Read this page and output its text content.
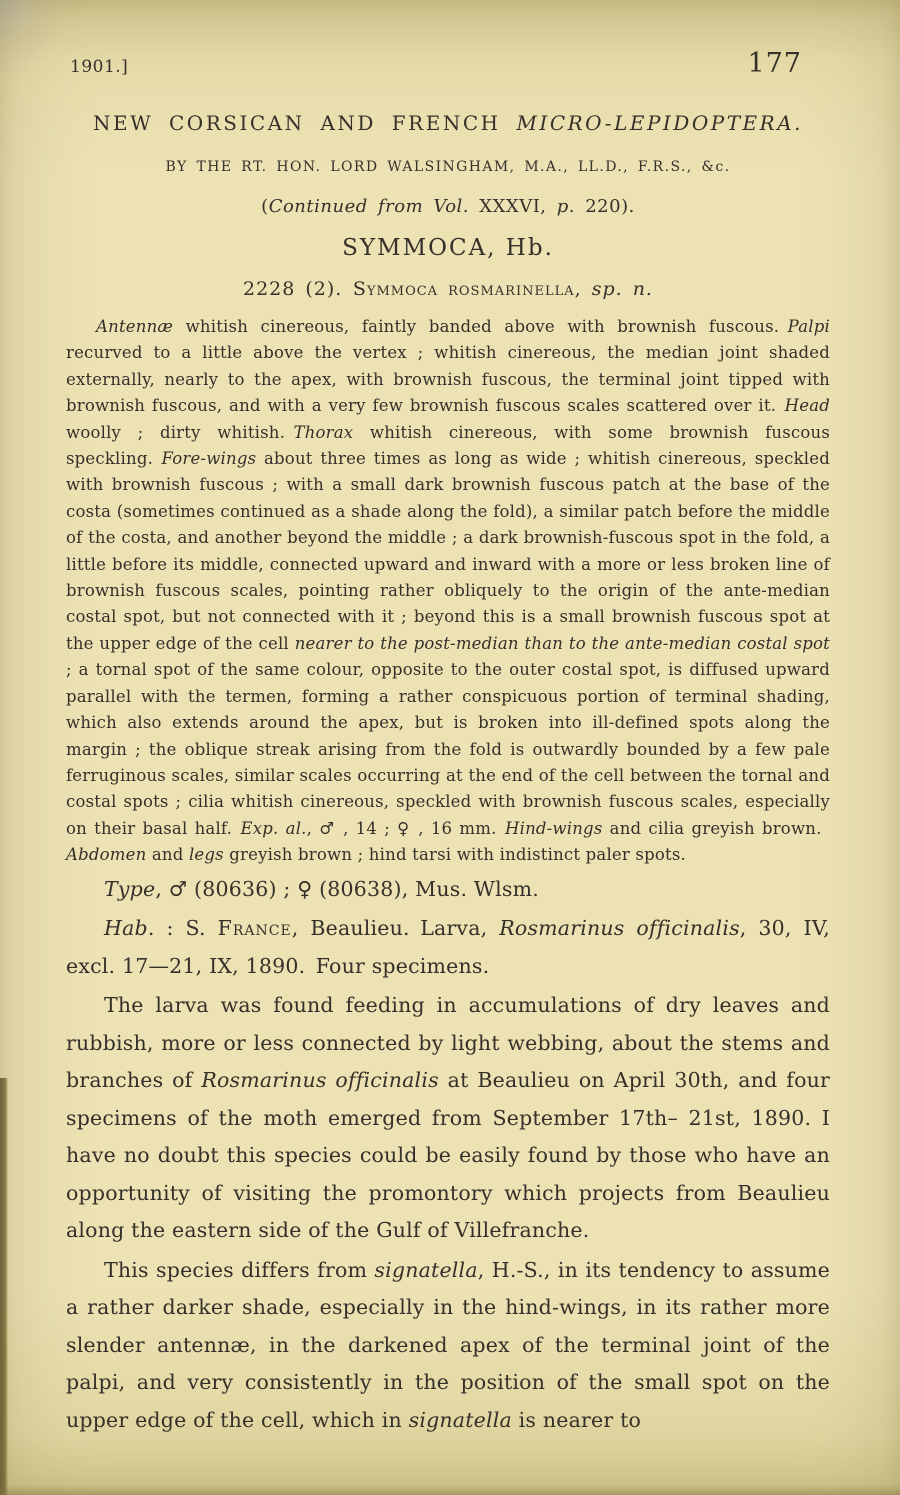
1901.]	177
NEW CORSICAN AND FRENCH MICRO-LEPIDOPTERA.
BY THE RT. HON. LORD WALSINGHAM, M.A., LL.D., F.R.S., &c.
(Continued from Vol. XXXVI, p. 220).
SYMMOCA, Hb.
2228 (2). Symmoca rosmarinella, sp. n.

Antennæ whitish cinereous, faintly banded above with brownish fuscous. Palpi recurved to a little above the vertex ; whitish cinereous, the median joint shaded externally, nearly to the apex, with brownish fuscous, the terminal joint tipped with brownish fuscous, and with a very few brownish fuscous scales scattered over it. Head woolly ; dirty whitish. Thorax whitish cinereous, with some brownish fuscous speckling. Fore-wings about three times as long as wide ; whitish cinereous, speckled with brownish fuscous ; with a small dark brownish fuscous patch at the base of the costa (sometimes continued as a shade along the fold), a similar patch before the middle of the costa, and another beyond the middle ; a dark brownish-fuscous spot in the fold, a little before its middle, connected upward and inward with a more or less broken line of brownish fuscous scales, pointing rather obliquely to the origin of the ante-median costal spot, but not connected with it ; beyond this is a small brownish fuscous spot at the upper edge of the cell nearer to the post-median than to the ante-median costal spot ; a tornal spot of the same colour, opposite to the outer costal spot, is diffused upward parallel with the termen, forming a rather conspicuous portion of terminal shading, which also extends around the apex, but is broken into ill-defined spots along the margin ; the oblique streak arising from the fold is outwardly bounded by a few pale ferruginous scales, similar scales occurring at the end of the cell between the tornal and costal spots ; cilia whitish cinereous, speckled with brownish fuscous scales, especially on their basal half. Exp. al., ♂ , 14 ; ♀ , 16 mm. Hind-wings and cilia greyish brown. Abdomen and legs greyish brown ; hind tarsi with indistinct paler spots.

Type, ♂ (80636) ; ♀ (80638), Mus. Wlsm.

Hab. : S. France, Beaulieu. Larva, Rosmarinus officinalis, 30, IV, excl. 17—21, IX, 1890. Four specimens.

The larva was found feeding in accumulations of dry leaves and rubbish, more or less connected by light webbing, about the stems and branches of Rosmarinus officinalis at Beaulieu on April 30th, and four specimens of the moth emerged from September 17th– 21st, 1890. I have no doubt this species could be easily found by those who have an opportunity of visiting the promontory which projects from Beaulieu along the eastern side of the Gulf of Villefranche.

This species differs from signatella, H.-S., in its tendency to assume a rather darker shade, especially in the hind-wings, in its rather more slender antennæ, in the darkened apex of the terminal joint of the palpi, and very consistently in the position of the small spot on the upper edge of the cell, which in signatella is nearer to
